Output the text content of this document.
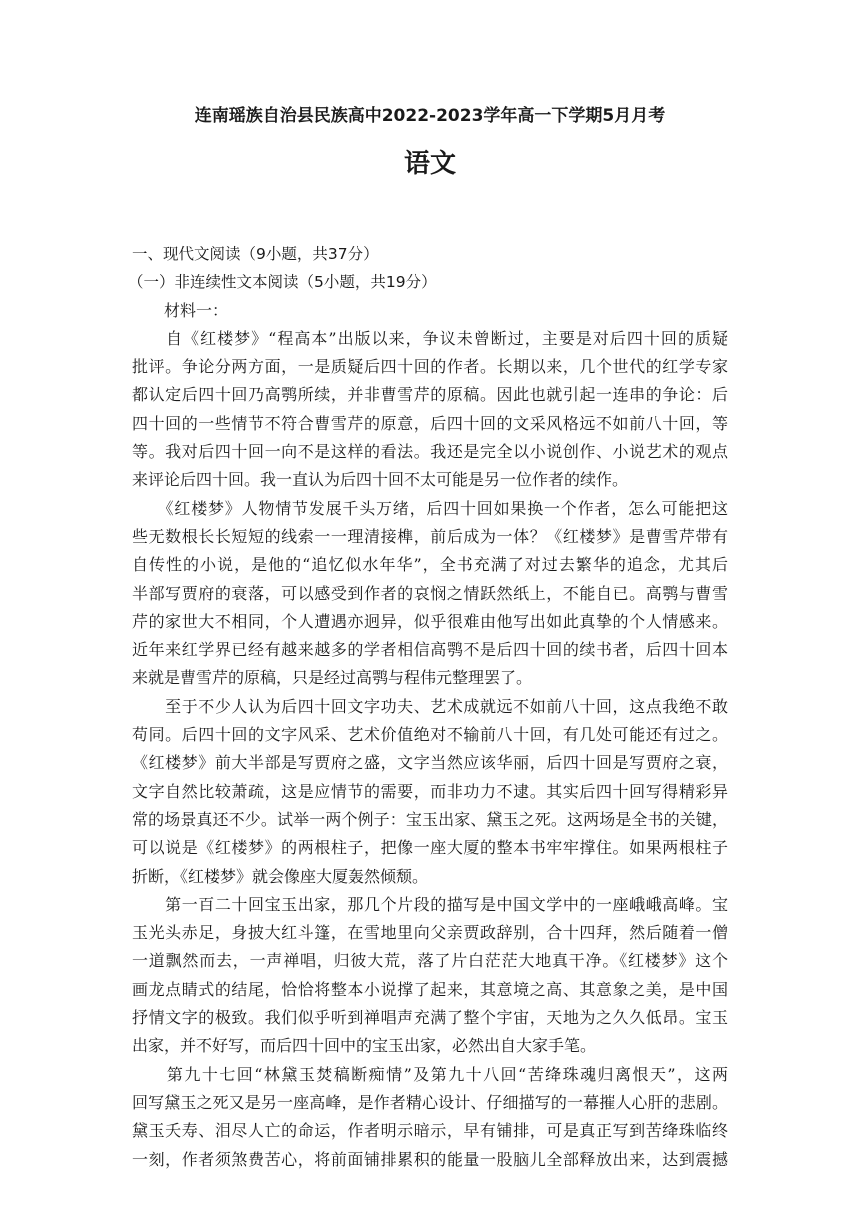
连南瑶族自治县民族高中2022-2023学年高一下学期5月月考
语文
一、现代文阅读（9小题，共37分）
（一）非连续性文本阅读（5小题，共19分）
材料一：
　　自《红楼梦》“程高本”出版以来，争议未曾断过，主要是对后四十回的质疑
批评。争论分两方面，一是质疑后四十回的作者。长期以来，几个世代的红学专家
都认定后四十回乃高鹗所续，并非曹雪芹的原稿。因此也就引起一连串的争论：后
四十回的一些情节不符合曹雪芹的原意，后四十回的文采风格远不如前八十回，等
等。我对后四十回一向不是这样的看法。我还是完全以小说创作、小说艺术的观点
来评论后四十回。我一直认为后四十回不太可能是另一位作者的续作。
　　《红楼梦》人物情节发展千头万绪，后四十回如果换一个作者，怎么可能把这
些无数根长长短短的线索一一理清接榫，前后成为一体？《红楼梦》是曹雪芹带有
自传性的小说，是他的“追忆似水年华”，全书充满了对过去繁华的追念，尤其后
半部写贾府的衰落，可以感受到作者的哀悯之情跃然纸上，不能自已。高鹗与曹雪
芹的家世大不相同，个人遭遇亦迥异，似乎很难由他写出如此真挚的个人情感来。
近年来红学界已经有越来越多的学者相信高鹗不是后四十回的续书者，后四十回本
来就是曹雪芹的原稿，只是经过高鹗与程伟元整理罢了。
　　至于不少人认为后四十回文字功夫、艺术成就远不如前八十回，这点我绝不敢
苟同。后四十回的文字风采、艺术价值绝对不输前八十回，有几处可能还有过之。
《红楼梦》前大半部是写贾府之盛，文字当然应该华丽，后四十回是写贾府之衰，
文字自然比较萧疏，这是应情节的需要，而非功力不逮。其实后四十回写得精彩异
常的场景真还不少。试举一两个例子：宝玉出家、黛玉之死。这两场是全书的关键，
可以说是《红楼梦》的两根柱子，把像一座大厦的整本书牢牢撑住。如果两根柱子
折断，《红楼梦》就会像座大厦轰然倾颓。
　　第一百二十回宝玉出家，那几个片段的描写是中国文学中的一座峨峨高峰。宝
玉光头赤足，身披大红斗篷，在雪地里向父亲贾政辞别，合十四拜，然后随着一僧
一道飘然而去，一声禅唱，归彼大荒，落了片白茫茫大地真干净。《红楼梦》这个
画龙点睛式的结尾，恰恰将整本小说撑了起来，其意境之高、其意象之美，是中国
抒情文字的极致。我们似乎听到禅唱声充满了整个宇宙，天地为之久久低昂。宝玉
出家，并不好写，而后四十回中的宝玉出家，必然出自大家手笔。
　　第九十七回“林黛玉焚稿断痴情”及第九十八回“苦绛珠魂归离恨天”，这两
回写黛玉之死又是另一座高峰，是作者精心设计、仔细描写的一幕摧人心肝的悲剧。
黛玉夭寿、泪尽人亡的命运，作者明示暗示，早有铺排，可是真正写到苦绛珠临终
一刻，作者须煞费苦心，将前面铺排累积的能量一股脑儿全部释放出来，达到震撼
